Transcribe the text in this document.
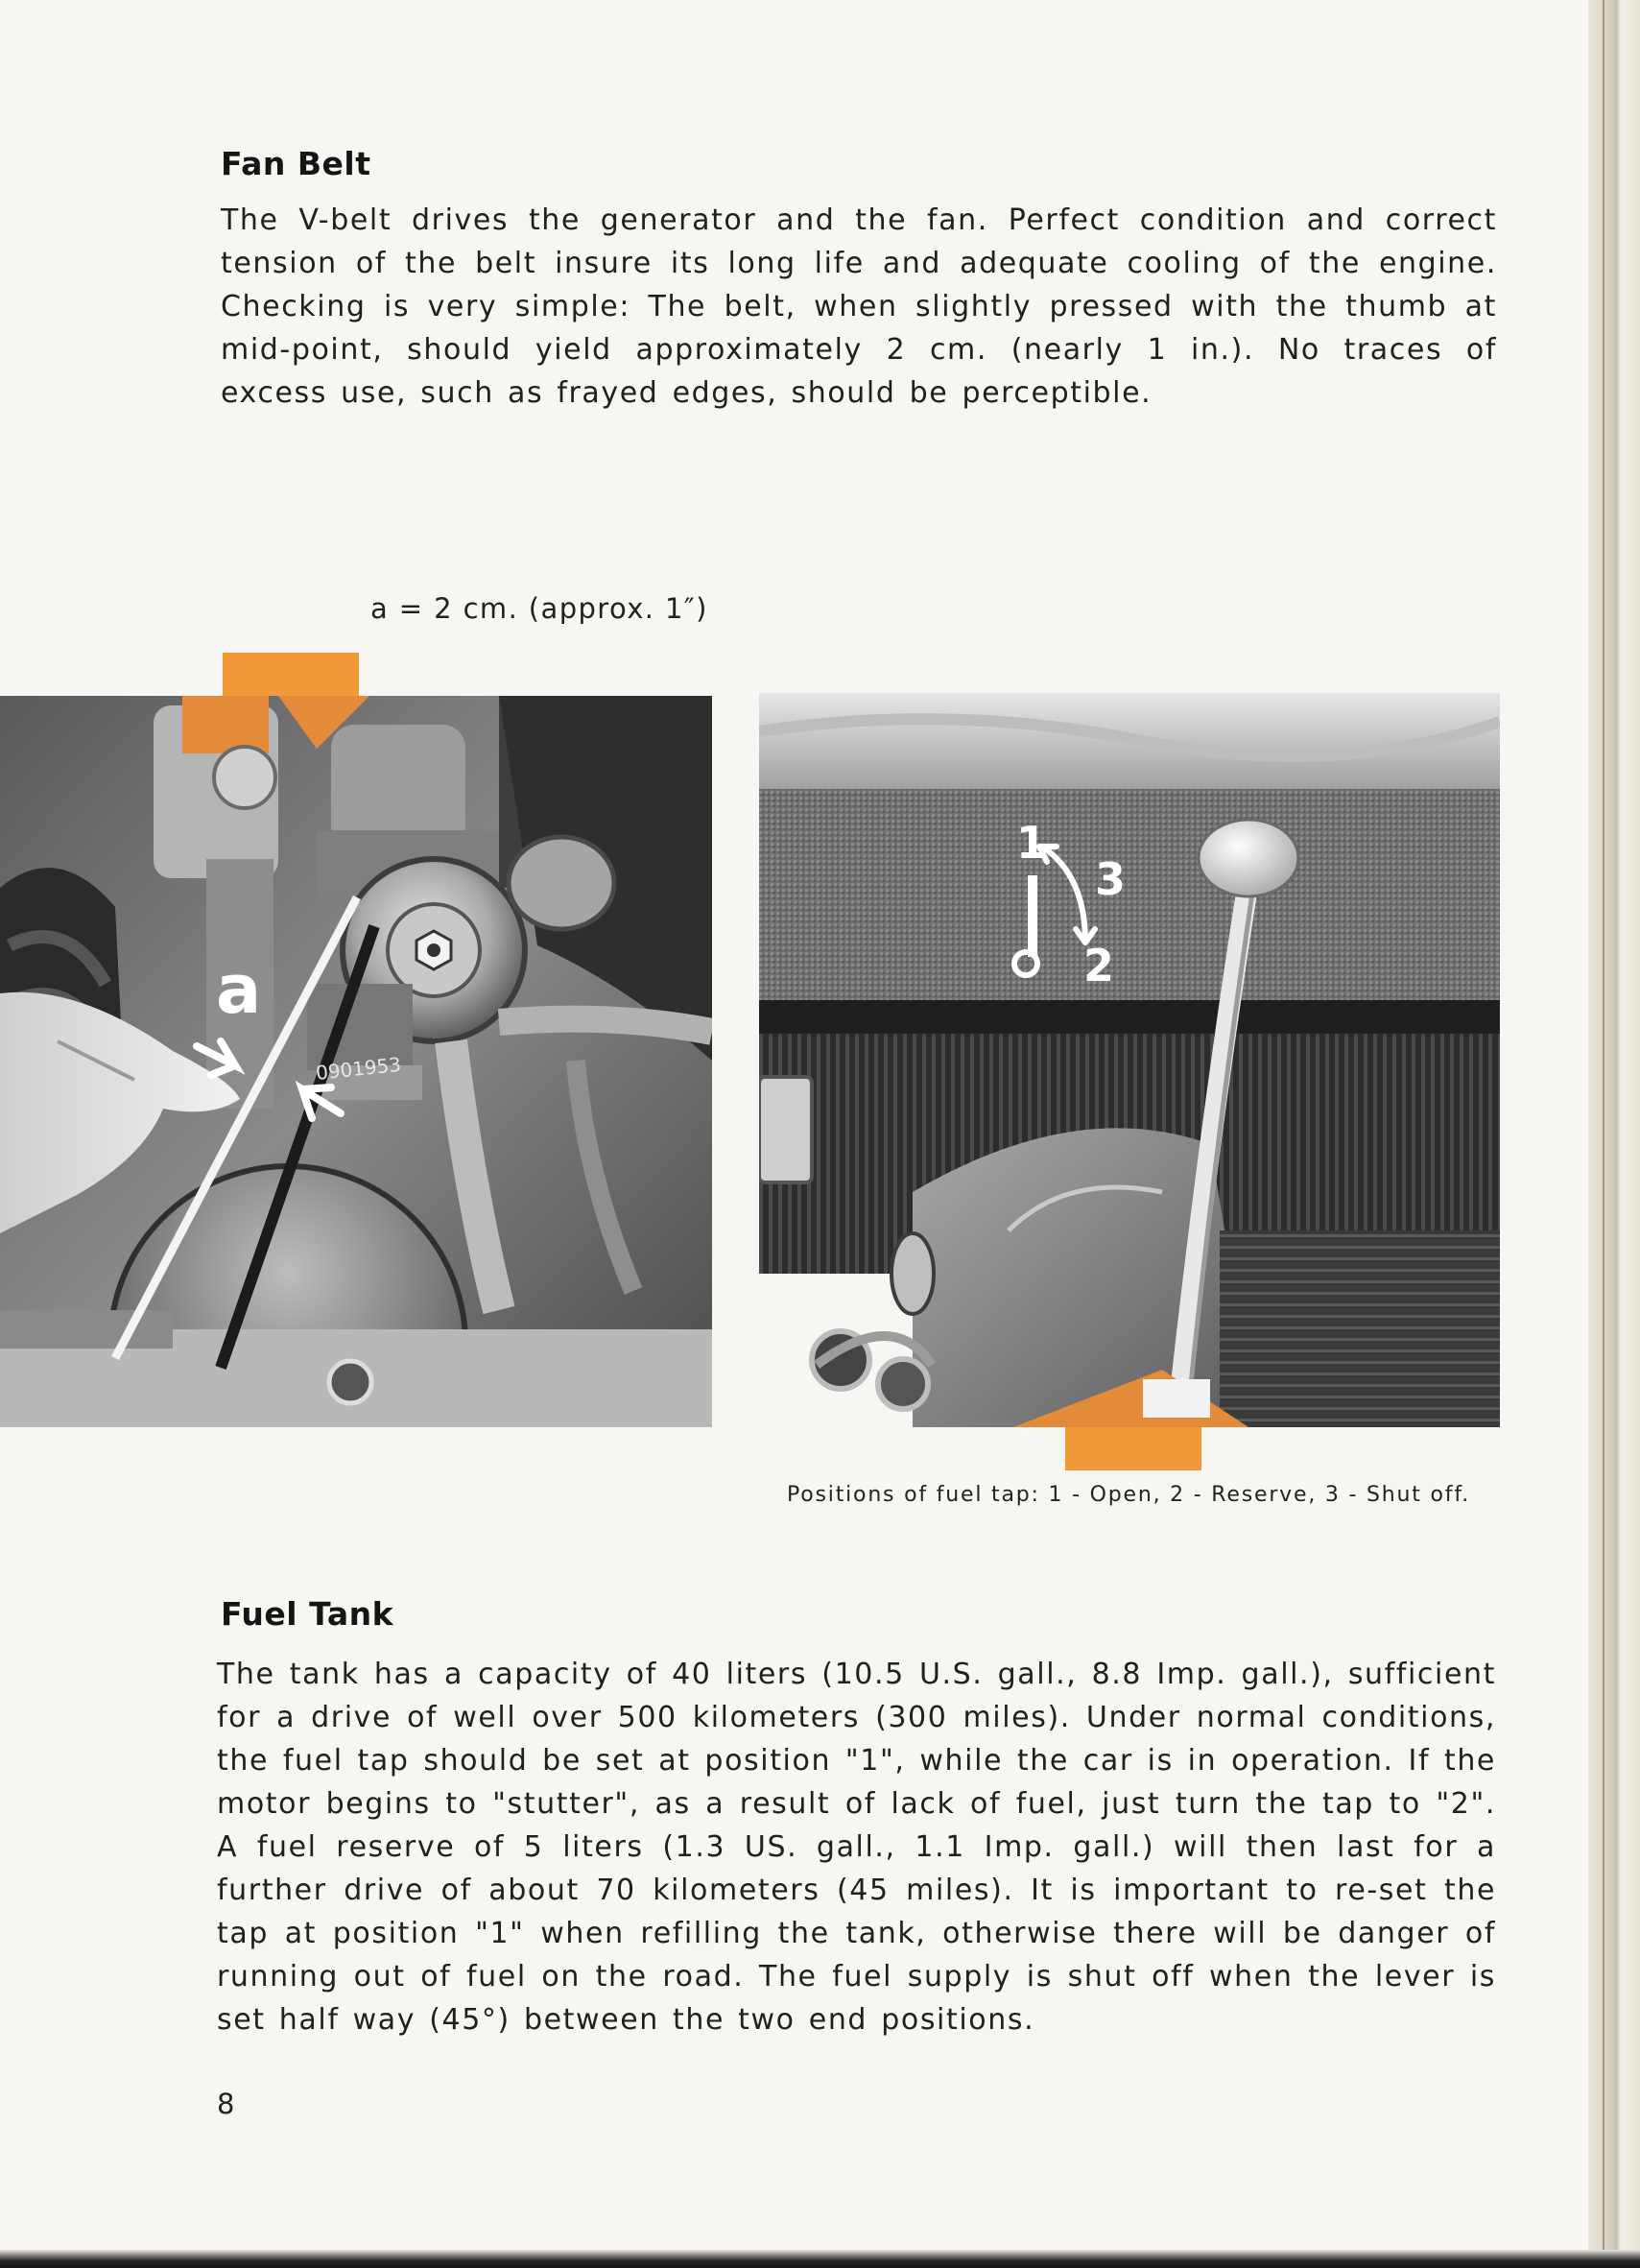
Fan Belt

The V-belt drives the generator and the fan. Perfect condition and correct tension of the belt insure its long life and adequate cooling of the engine. Checking is very simple: The belt, when slightly pressed with the thumb at mid-point, should yield approximately 2 cm. (nearly 1 in.). No traces of excess use, such as frayed edges, should be perceptible.

a = 2 cm. (approx. 1″)
0901953
a
1
3
2
Positions of fuel tap: 1 - Open, 2 - Reserve, 3 - Shut off.
Fuel Tank

The tank has a capacity of 40 liters (10.5 U.S. gall., 8.8 Imp. gall.), sufficient for a drive of well over 500 kilometers (300 miles). Under normal conditions, the fuel tap should be set at position "1", while the car is in operation. If the motor begins to "stutter", as a result of lack of fuel, just turn the tap to "2". A fuel reserve of 5 liters (1.3 US. gall., 1.1 Imp. gall.) will then last for a further drive of about 70 kilometers (45 miles). It is important to re-set the tap at position "1" when refilling the tank, otherwise there will be danger of running out of fuel on the road. The fuel supply is shut off when the lever is set half way (45°) between the two end positions.

8
